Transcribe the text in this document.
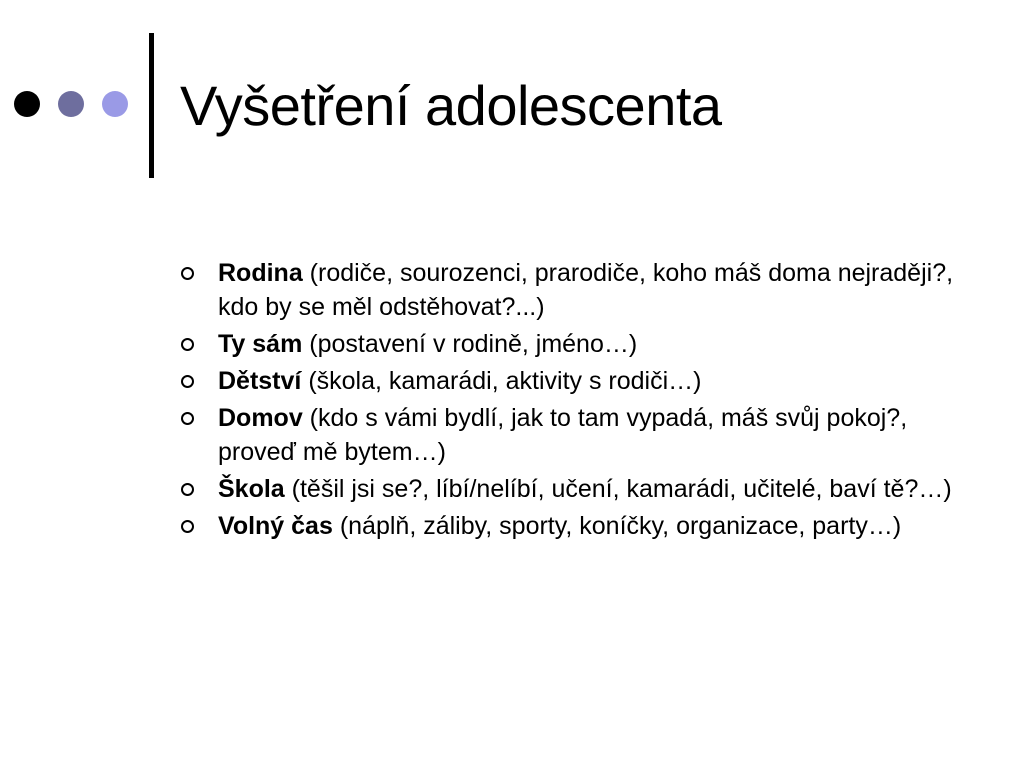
Vyšetření adolescenta
Rodina (rodiče, sourozenci, prarodiče, koho máš doma nejraději?, kdo by se měl odstěhovat?...)
Ty sám (postavení v rodině, jméno…)
Dětství (škola, kamarádi, aktivity s rodiči…)
Domov (kdo s vámi bydlí, jak to tam vypadá, máš svůj pokoj?, proveď mě bytem…)
Škola (těšil jsi se?, líbí/nelíbí, učení, kamarádi, učitelé, baví tě?…)
Volný čas (náplň, záliby, sporty, koníčky, organizace, party…)
